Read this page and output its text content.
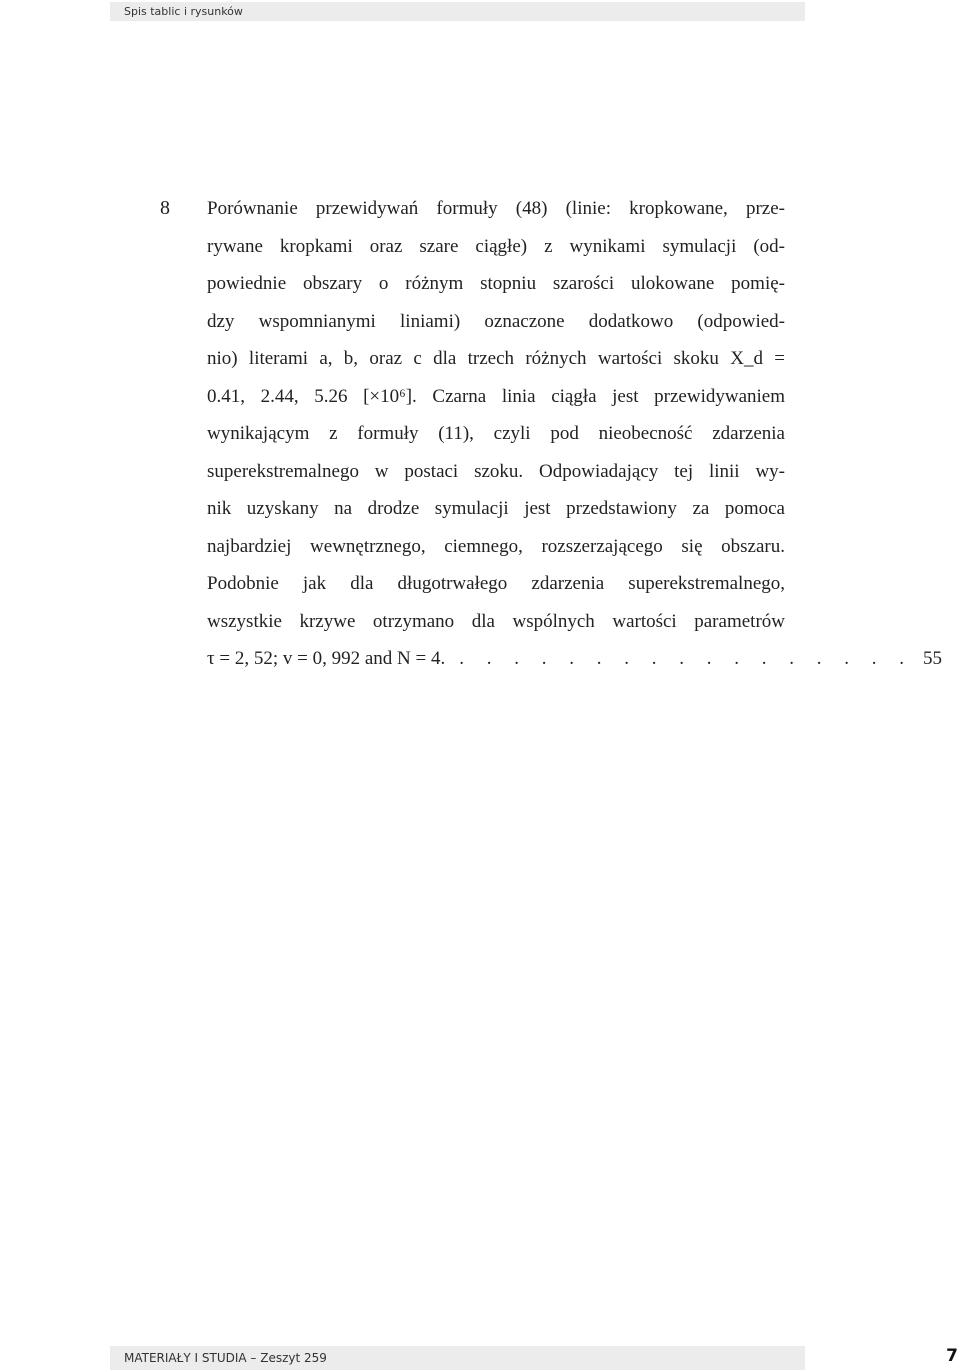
Spis tablic i rysunków
8 Porównanie przewidywań formuły (48) (linie: kropkowane, prze-
rywane kropkami oraz szare ciągłe) z wynikami symulacji (od-
powiednie obszary o różnym stopniu szarości ulokowane pomię-
dzy wspomnianymi liniami) oznaczone dodatkowo (odpowied-
nio) literami a, b, oraz c dla trzech różnych wartości skoku X_d =
0.41, 2.44, 5.26 [×10⁶]. Czarna linia ciągła jest przewidywaniem
wynikającym z formuły (11), czyli pod nieobecność zdarzenia
superekstremalnego w postaci szoku. Odpowiadający tej linii wy-
nik uzyskany na drodze symulacji jest przedstawiony za pomoca
najbardziej wewnętrznego, ciemnego, rozszerzającego się obszaru.
Podobnie jak dla długotrwałego zdarzenia superekstremalnego,
wszystkie krzywe otrzymano dla wspólnych wartości parametrów
τ = 2, 52; v = 0, 992 and N = 4. . . . . . . . . . . . . . . . . . 55
MATERIAŁY I STUDIA – Zeszyt 259	7
